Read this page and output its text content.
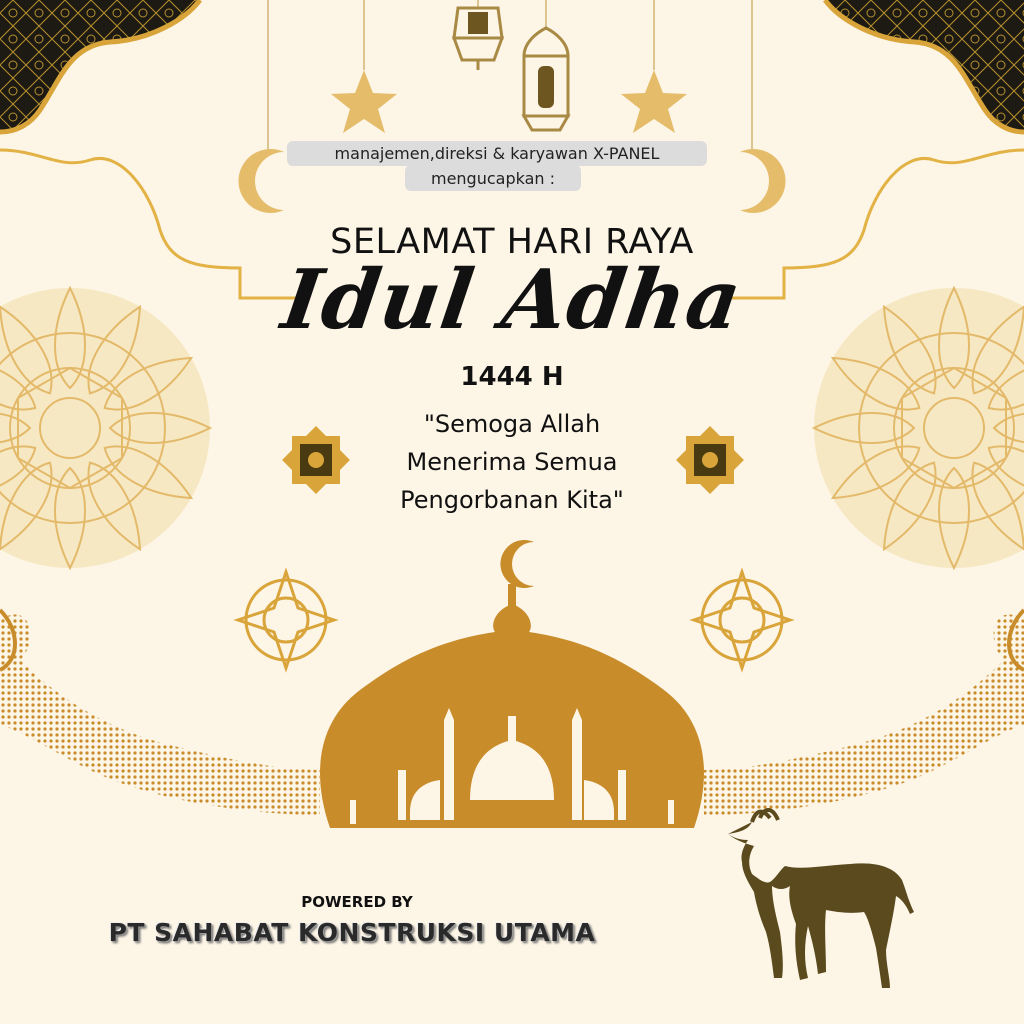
manajemen,direksi & karyawan X-PANEL
mengucapkan :
SELAMAT HARI RAYA
Idul Adha
1444 H
"Semoga Allah Menerima Semua Pengorbanan Kita"
POWERED BY
PT SAHABAT KONSTRUKSI UTAMA
